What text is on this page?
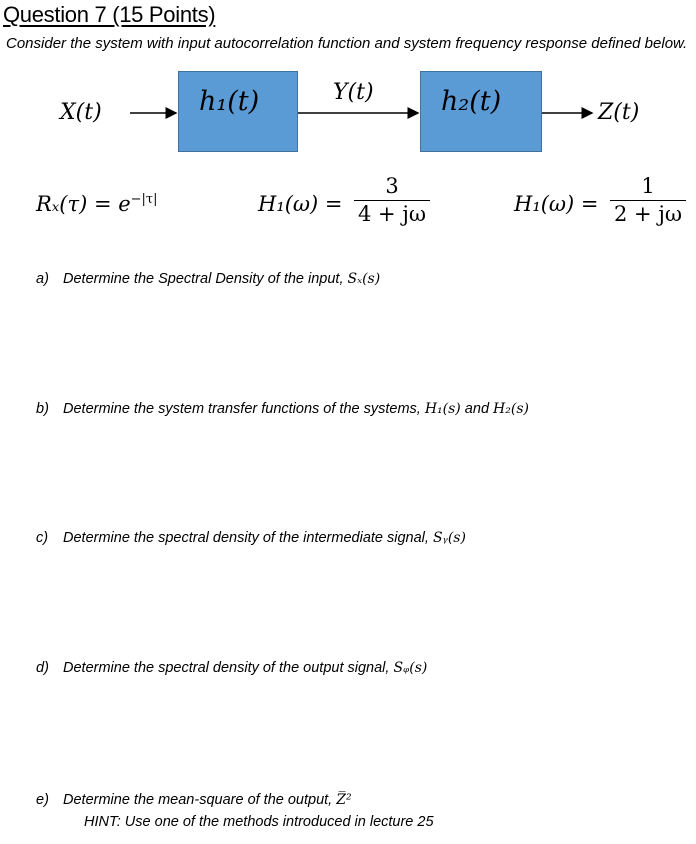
Question 7 (15 Points)
Consider the system with input autocorrelation function and system frequency response defined below.
X(t)	h₁(t)	Y(t) h₂(t)	Z(t)
$R_x(\tau) = e^{-|\tau|}$	$H_1(\omega) = \frac{3}{4 + j\omega}$	$H_1(\omega) = \frac{1}{2 + j\omega}$
a) Determine the Spectral Density of the input, Sₓ(s)
b) Determine the system transfer functions of the systems, H₁(s) and H₂(s)
c) Determine the spectral density of the intermediate signal, Sᵧ(s)
d) Determine the spectral density of the output signal, Sᵩ(s)
e) Determine the mean-square of the output, Z̅²
HINT: Use one of the methods introduced in lecture 25
